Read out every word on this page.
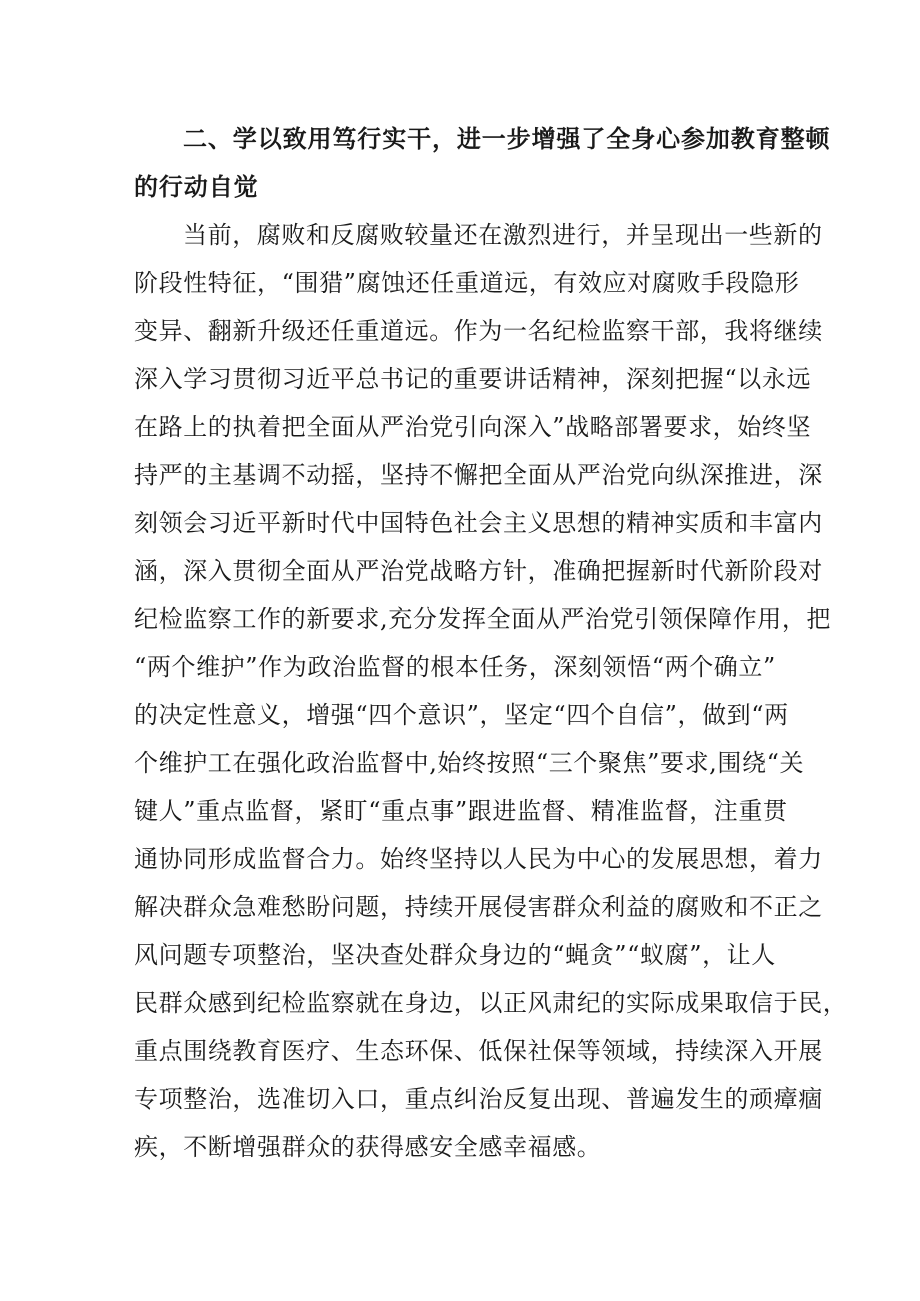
二、学以致用笃行实干，进一步增强了全身心参加教育整顿
的行动自觉
当前，腐败和反腐败较量还在激烈进行，并呈现出一些新的
阶段性特征，“围猎”腐蚀还任重道远，有效应对腐败手段隐形
变异、翻新升级还任重道远。作为一名纪检监察干部，我将继续
深入学习贯彻习近平总书记的重要讲话精神，深刻把握“以永远
在路上的执着把全面从严治党引向深入”战略部署要求，始终坚
持严的主基调不动摇，坚持不懈把全面从严治党向纵深推进，深
刻领会习近平新时代中国特色社会主义思想的精神实质和丰富内
涵，深入贯彻全面从严治党战略方针，准确把握新时代新阶段对
纪检监察工作的新要求,充分发挥全面从严治党引领保障作用，把
“两个维护”作为政治监督的根本任务，深刻领悟“两个确立”
的决定性意义，增强“四个意识”，坚定“四个自信”，做到“两
个维护工在强化政治监督中,始终按照“三个聚焦”要求,围绕“关
键人”重点监督，紧盯“重点事”跟进监督、精准监督，注重贯
通协同形成监督合力。始终坚持以人民为中心的发展思想，着力
解决群众急难愁盼问题，持续开展侵害群众利益的腐败和不正之
风问题专项整治，坚决查处群众身边的“蝇贪”“蚁腐”，让人
民群众感到纪检监察就在身边，以正风肃纪的实际成果取信于民，
重点围绕教育医疗、生态环保、低保社保等领域，持续深入开展
专项整治，选准切入口，重点纠治反复出现、普遍发生的顽瘴痼
疾，不断增强群众的获得感安全感幸福感。
